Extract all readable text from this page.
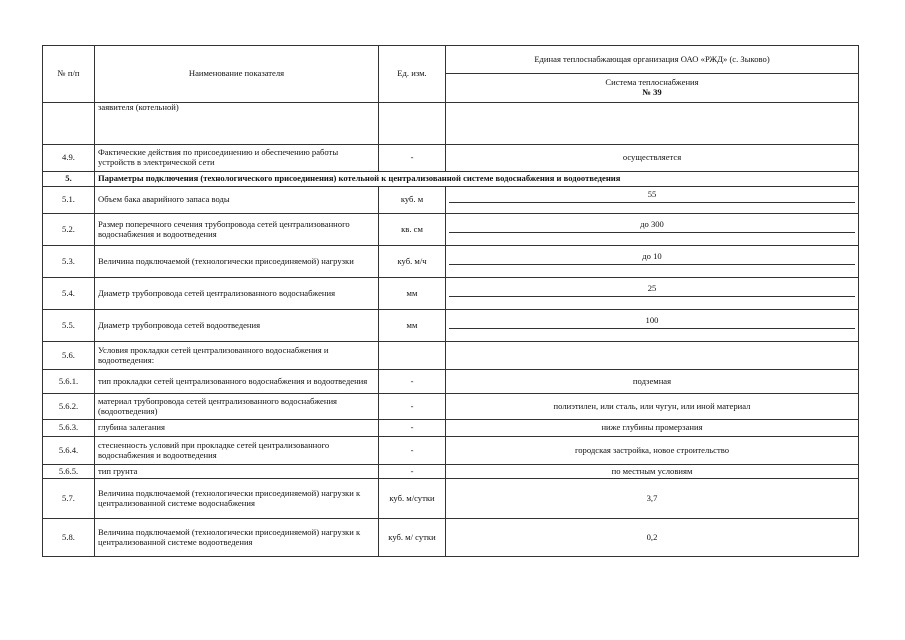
№ п/п	Наименование показателя	Ед. изм.	Единая теплоснабжающая организация ОАО «РЖД» (с. Зыково)

			Система теплоснабжения
№ 39

	заявителя (котельной)		
4.9.	Фактические действия по присоединению и обеспечению работы устройств в электрической сети	-	осуществляется
5.	Параметры подключения (технологического присоединения) котельной к централизованной системе водоснабжения и водоотведения		
5.1.	Объем бака аварийного запаса воды	куб. м	55

5.2.	Размер поперечного сечения трубопровода сетей централизованного водоснабжения и водоотведения	кв. см	до 300

5.3.	Величина подключаемой (технологически присоединяемой) нагрузки	куб. м/ч	до 10

5.4.	Диаметр трубопровода сетей централизованного водоснабжения	мм	25

5.5.	Диаметр трубопровода сетей водоотведения	мм	100

5.6.	Условия прокладки сетей централизованного водоснабжения и водоотведения:		
5.6.1.	тип прокладки сетей централизованного водоснабжения и водоотведения	-	подземная
5.6.2.	материал трубопровода сетей централизованного водоснабжения (водоотведения)	-	полиэтилен, или сталь, или чугун, или иной материал
5.6.3.	глубина залегания	-	ниже глубины промерзания
5.6.4.	стесненность условий при прокладке сетей централизованного водоснабжения и водоотведения	-	городская застройка, новое строительство
5.6.5.	тип грунта	-	по местным условиям
5.7.	Величина подключаемой (технологически присоединяемой) нагрузки к централизованной системе водоснабжения	куб. м/сутки	3,7
5.8.	Величина подключаемой (технологически присоединяемой) нагрузки к централизованной системе водоотведения	куб. м/ сутки	0,2
